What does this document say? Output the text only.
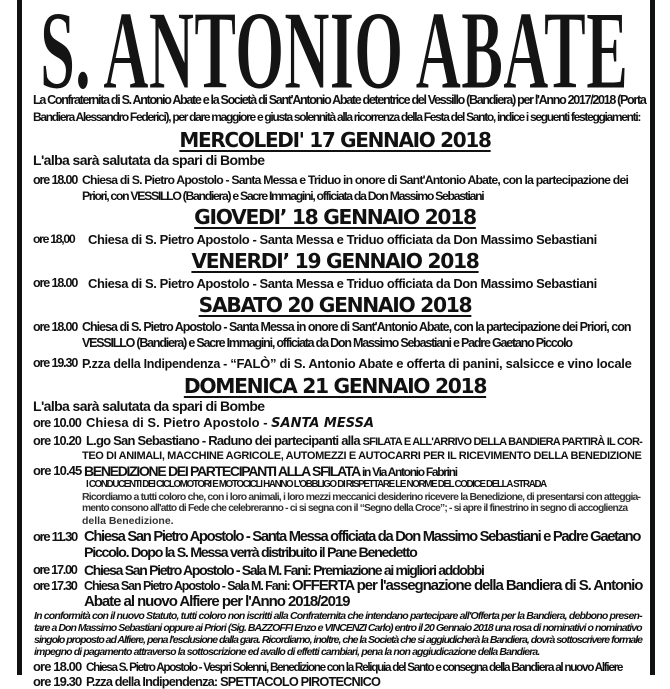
S. ANTONIO ABATE
La Confraternita di S. Antonio Abate e la Società di Sant'Antonio Abate detentrice del Vessillo (Bandiera) per l'Anno 2017/2018 (Porta
Bandiera Alessandro Federici), per dare maggiore e giusta solennità alla ricorrenza della Festa del Santo, indice i seguenti festeggiamenti:
MERCOLEDI' 17 GENNAIO 2018
L'alba sarà salutata da spari di Bombe
ore 18.00 Chiesa di S. Pietro Apostolo - Santa Messa e Triduo in onore di Sant'Antonio Abate, con la partecipazione dei
Priori, con VESSILLO (Bandiera) e Sacre Immagini, officiata da Don Massimo Sebastiani
GIOVEDI’ 18 GENNAIO 2018
ore 18,00 Chiesa di S. Pietro Apostolo - Santa Messa e Triduo officiata da Don Massimo Sebastiani
VENERDI’ 19 GENNAIO 2018
ore 18.00 Chiesa di S. Pietro Apostolo - Santa Messa e Triduo officiata da Don Massimo Sebastiani
SABATO 20 GENNAIO 2018
ore 18.00 Chiesa di S. Pietro Apostolo - Santa Messa in onore di Sant'Antonio Abate, con la partecipazione dei Priori, con
VESSILLO (Bandiera) e Sacre Immagini, officiata da Don Massimo Sebastiani e Padre Gaetano Piccolo
ore 19.30 P.zza della Indipendenza - “FALÒ” di S. Antonio Abate e offerta di panini, salsicce e vino locale
DOMENICA 21 GENNAIO 2018
L'alba sarà salutata da spari di Bombe
ore 10.00 Chiesa di S. Pietro Apostolo - SANTA MESSA
ore 10.20 L.go San Sebastiano - Raduno dei partecipanti alla SFILATA E ALL'ARRIVO DELLA BANDIERA PARTIRÀ IL COR-
TEO DI ANIMALI, MACCHINE AGRICOLE, AUTOMEZZI E AUTOCARRI PER IL RICEVIMENTO DELLA BENEDIZIONE
ore 10.45 BENEDIZIONE DEI PARTECIPANTI ALLA SFILATA in Via Antonio Fabrini
I CONDUCENTI DEI CICLOMOTORI E MOTOCICLI HANNO L'OBBLIGO DI RISPETTARE LE NORME DEL CODICE DELLA STRADA
Ricordiamo a tutti coloro che, con i loro animali, i loro mezzi meccanici desiderino ricevere la Benedizione, di presentarsi con atteggia-
mento consono all'atto di Fede che celebreranno - ci si segna con il “Segno della Croce”; - si apre il finestrino in segno di accoglienza
della Benedizione.
ore 11.30 Chiesa San Pietro Apostolo - Santa Messa officiata da Don Massimo Sebastiani e Padre Gaetano
Piccolo. Dopo la S. Messa verrà distribuito il Pane Benedetto
ore 17.00 Chiesa San Pietro Apostolo - Sala M. Fani: Premiazione ai migliori addobbi
ore 17.30 Chiesa San Pietro Apostolo - Sala M. Fani: OFFERTA per l'assegnazione della Bandiera di S. Antonio
Abate al nuovo Alfiere per l'Anno 2018/2019
In conformità con il nuovo Statuto, tutti coloro non iscritti alla Confraternita che intendano partecipare all'Offerta per la Bandiera, debbono presen-
tare a Don Massimo Sebastiani oppure ai Priori (Sig. BAZZOFFI Enzo e VINCENZI Carlo) entro il 20 Gennaio 2018 una rosa di nominativi o nominativo
singolo proposto ad Alfiere, pena l'esclusione dalla gara. Ricordiamo, inoltre, che la Società che si aggiudicherà la Bandiera, dovrà sottoscrivere formale
impegno di pagamento attraverso la sottoscrizione ed avallo di effetti cambiari, pena la non aggiudicazione della Bandiera.
ore 18.00 Chiesa S. Pietro Apostolo - Vespri Solenni, Benedizione con la Reliquia del Santo e consegna della Bandiera al nuovo Alfiere
ore 19.30 P.zza della Indipendenza: SPETTACOLO PIROTECNICO
